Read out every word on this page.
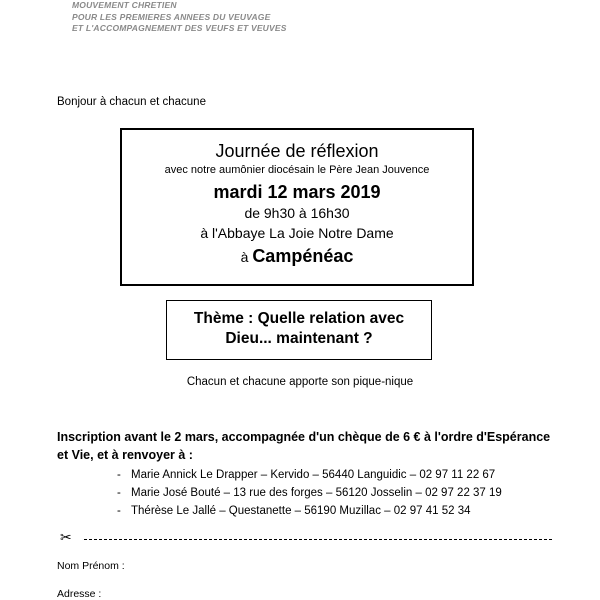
MOUVEMENT CHRETIEN
POUR LES PREMIERES ANNEES DU VEUVAGE
ET L'ACCOMPAGNEMENT DES VEUFS ET VEUVES
Bonjour à chacun et chacune
Journée de réflexion
avec notre aumônier diocésain le Père Jean Jouvence
mardi 12 mars 2019
de 9h30 à 16h30
à l'Abbaye La Joie Notre Dame
à Campénéac
Thème : Quelle relation avec
Dieu... maintenant ?
Chacun et chacune apporte son pique-nique
Inscription avant le 2 mars, accompagnée d'un chèque de 6 € à l'ordre d'Espérance et Vie, et à renvoyer à :
- Marie Annick Le Drapper – Kervido – 56440 Languidic – 02 97 11 22 67
- Marie José Bouté – 13 rue des forges – 56120 Josselin – 02 97 22 37 19
- Thérèse Le Jallé – Questanette – 56190 Muzillac – 02 97 41 52 34
✂
Nom Prénom :
Adresse :
